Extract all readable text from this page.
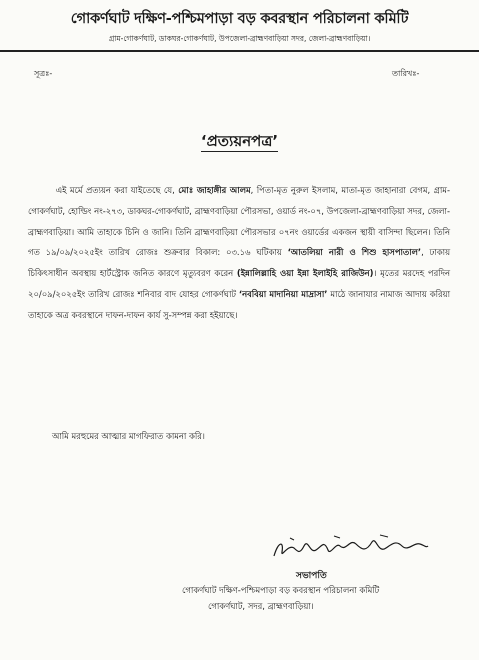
গোকর্ণঘাট দক্ষিণ-পশ্চিমপাড়া বড় কবরস্থান পরিচালনা কমিটি
গ্রাম-গোকর্ণঘাট, ডাকঘর-গোকর্ণঘাট, উপজেলা-ব্রাহ্মণবাড়িয়া সদর, জেলা-ব্রাহ্মণবাড়িয়া।
সূত্রঃ-	তারিখঃ-
‘প্রত্যয়নপত্র’
এই মর্মে প্রত্যয়ন করা যাইতেছে যে, মোঃ জাহাঙ্গীর আলম, পিতা-মৃত নুরুল ইসলাম, মাতা-মৃত জাহানারা বেগম, গ্রাম-গোকর্ণঘাট, হোল্ডিং নং-২৭৩, ডাকঘর-গোকর্ণঘাট, ব্রাহ্মণবাড়িয়া পৌরসভা, ওয়ার্ড নং-০৭, উপজেলা-ব্রাহ্মণবাড়িয়া সদর, জেলা-ব্রাহ্মণবাড়িয়া। আমি তাহাকে চিনি ও জানি। তিনি ব্রাহ্মণবাড়িয়া পৌরসভার ০৭নং ওয়ার্ডের একজন স্থায়ী বাসিন্দা ছিলেন। তিনি গত ১৯/০৯/২০২৫ইং তারিখ রোজঃ শুক্রবার বিকাল: ০৩.১৬ ঘটিকায় ‘আতলিয়া নারী ও শিশু হাসপাতাল’, ঢাকায় চিকিৎসাধীন অবস্থায় হার্টস্ট্রোক জনিত কারণে মৃত্যুবরণ করেন (ইন্নালিল্লাহি ওয়া ইন্না ইলাইহি রাজিউন)। মৃতের মরদেহ পরদিন ২০/০৯/২০২৫ইং তারিখ রোজঃ শনিবার বাদ যোহর গোকর্ণঘাট ‘নববিয়া মাদানিয়া মাদ্রাসা’ মাঠে জানাযার নামাজ আদায় করিয়া তাহাকে অত্র কবরস্থানে দাফন-দাফন কার্য সু-সম্পন্ন করা হইয়াছে।
আমি মরহুমের আত্মার মাগফিরাত কামনা করি।
সভাপতি
গোকর্ণঘাট দক্ষিণ-পশ্চিমপাড়া বড় কবরস্থান পরিচালনা কমিটি
গোকর্ণঘাট, সদর, ব্রাহ্মণবাড়িয়া।
